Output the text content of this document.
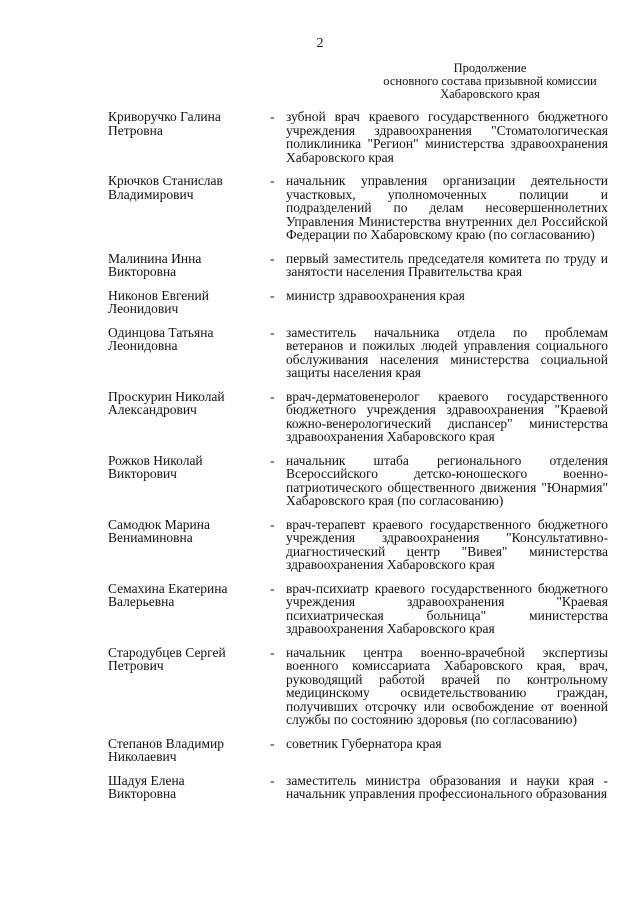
2
Продолжение
основного состава призывной комиссии
Хабаровского края
Криворучко Галина
Петровна
- зубной врач краевого государственного бюджетного учреждения здравоохранения "Стоматологическая поликлиника "Регион" министерства здравоохранения Хабаровского края
Крючков Станислав
Владимирович
- начальник управления организации деятельности участковых, уполномоченных полиции и подразделений по делам несовершеннолетних Управления Министерства внутренних дел Российской Федерации по Хабаровскому краю (по согласованию)
Малинина Инна
Викторовна
- первый заместитель председателя комитета по труду и занятости населения Правительства края
Никонов Евгений
Леонидович
- министр здравоохранения края
Одинцова Татьяна
Леонидовна
- заместитель начальника отдела по проблемам ветеранов и пожилых людей управления социального обслуживания населения министерства социальной защиты населения края
Проскурин Николай
Александрович
- врач-дерматовенеролог краевого государственного бюджетного учреждения здравоохранения "Краевой кожно-венерологический диспансер" министерства здравоохранения Хабаровского края
Рожков Николай
Викторович
- начальник штаба регионального отделения Всероссийского детско-юношеского военно-патриотического общественного движения "Юнармия" Хабаровского края (по согласованию)
Самодюк Марина
Вениаминовна
- врач-терапевт краевого государственного бюджетного учреждения здравоохранения "Консультативно-диагностический центр "Вивея" министерства здравоохранения Хабаровского края
Семахина Екатерина
Валерьевна
- врач-психиатр краевого государственного бюджетного учреждения здравоохранения "Краевая психиатрическая больница" министерства здравоохранения Хабаровского края
Стародубцев Сергей
Петрович
- начальник центра военно-врачебной экспертизы военного комиссариата Хабаровского края, врач, руководящий работой врачей по контрольному медицинскому освидетельствованию граждан, получивших отсрочку или освобождение от военной службы по состоянию здоровья (по согласованию)
Степанов Владимир
Николаевич
- советник Губернатора края
Шадуя Елена
Викторовна
- заместитель министра образования и науки края - начальник управления профессионального образования
